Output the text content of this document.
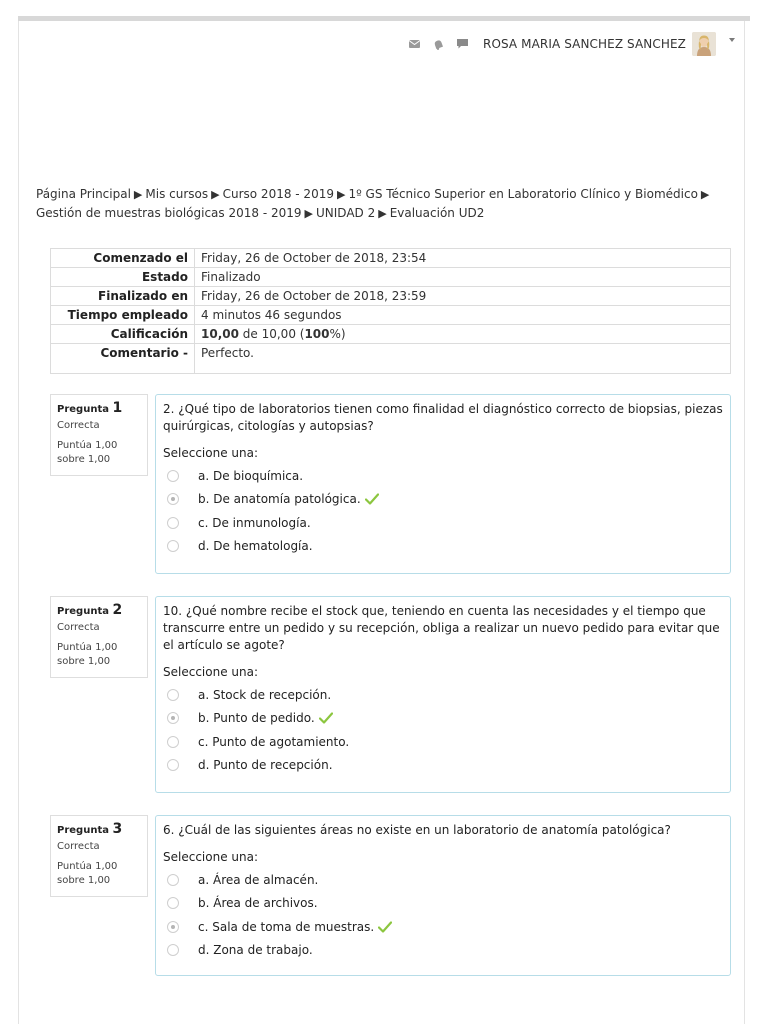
ROSA MARIA SANCHEZ SANCHEZ
Página Principal ▶ Mis cursos ▶ Curso 2018 - 2019 ▶ 1º GS Técnico Superior en Laboratorio Clínico y Biomédico ▶
Gestión de muestras biológicas 2018 - 2019 ▶ UNIDAD 2 ▶ Evaluación UD2
Comenzado el	Friday, 26 de October de 2018, 23:54
Estado	Finalizado
Finalizado en	Friday, 26 de October de 2018, 23:59
Tiempo empleado	4 minutos 46 segundos
Calificación	10,00 de 10,00 (100%)
Comentario -	Perfecto.
Pregunta 1
Correcta
Puntúa 1,00 sobre 1,00
2. ¿Qué tipo de laboratorios tienen como finalidad el diagnóstico correcto de biopsias, piezas quirúrgicas, citologías y autopsias?
Seleccione una:
a. De bioquímica.
b. De anatomía patológica.
c. De inmunología.
d. De hematología.
Pregunta 2
Correcta
Puntúa 1,00 sobre 1,00
10. ¿Qué nombre recibe el stock que, teniendo en cuenta las necesidades y el tiempo que transcurre entre un pedido y su recepción, obliga a realizar un nuevo pedido para evitar que el artículo se agote?
Seleccione una:
a. Stock de recepción.
b. Punto de pedido.
c. Punto de agotamiento.
d. Punto de recepción.
Pregunta 3
Correcta
Puntúa 1,00 sobre 1,00
6. ¿Cuál de las siguientes áreas no existe en un laboratorio de anatomía patológica?
Seleccione una:
a. Área de almacén.
b. Área de archivos.
c. Sala de toma de muestras.
d. Zona de trabajo.
